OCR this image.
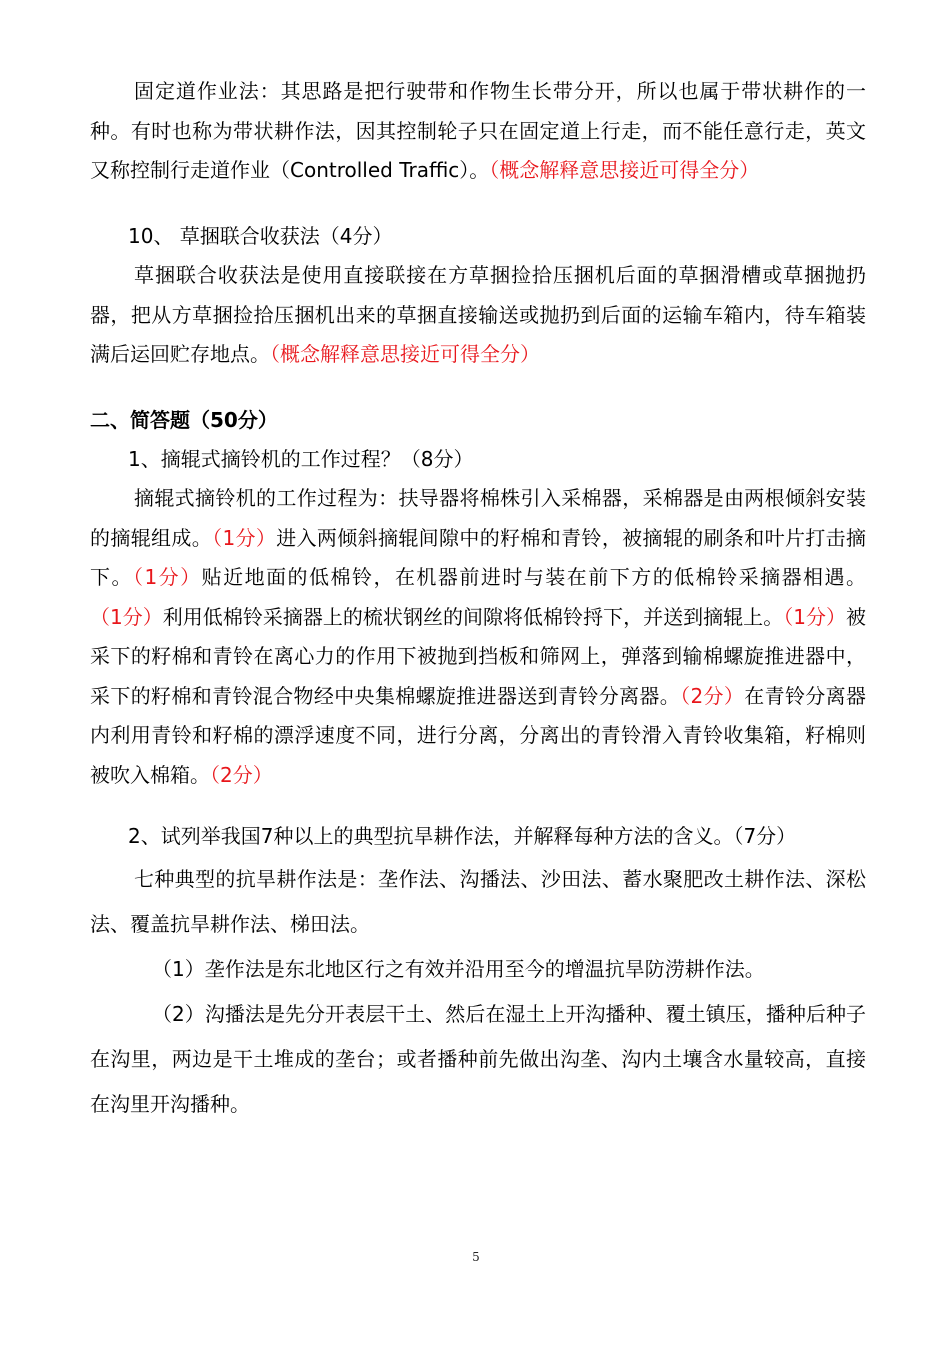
固定道作业法：其思路是把行驶带和作物生长带分开，所以也属于带状耕作的一种。有时也称为带状耕作法，因其控制轮子只在固定道上行走，而不能任意行走，英文又称控制行走道作业（Controlled Traffic）。（概念解释意思接近可得全分）

10、 草捆联合收获法（4分）

草捆联合收获法是使用直接联接在方草捆捡拾压捆机后面的草捆滑槽或草捆抛扔器，把从方草捆捡拾压捆机出来的草捆直接输送或抛扔到后面的运输车箱内，待车箱装满后运回贮存地点。（概念解释意思接近可得全分）

二、简答题（50分）

1、摘辊式摘铃机的工作过程？（8分）

摘辊式摘铃机的工作过程为：扶导器将棉株引入采棉器，采棉器是由两根倾斜安装的摘辊组成。（1分）进入两倾斜摘辊间隙中的籽棉和青铃，被摘辊的刷条和叶片打击摘下。（1分）贴近地面的低棉铃，在机器前进时与装在前下方的低棉铃采摘器相遇。（1分）利用低棉铃采摘器上的梳状钢丝的间隙将低棉铃捋下，并送到摘辊上。（1分）被采下的籽棉和青铃在离心力的作用下被抛到挡板和筛网上，弹落到输棉螺旋推进器中，采下的籽棉和青铃混合物经中央集棉螺旋推进器送到青铃分离器。（2分）在青铃分离器内利用青铃和籽棉的漂浮速度不同，进行分离，分离出的青铃滑入青铃收集箱，籽棉则被吹入棉箱。（2分）

2、试列举我国7种以上的典型抗旱耕作法，并解释每种方法的含义。（7分）

七种典型的抗旱耕作法是：垄作法、沟播法、沙田法、蓄水聚肥改土耕作法、深松法、覆盖抗旱耕作法、梯田法。

（1）垄作法是东北地区行之有效并沿用至今的增温抗旱防涝耕作法。

（2）沟播法是先分开表层干土、然后在湿土上开沟播种、覆土镇压，播种后种子在沟里，两边是干土堆成的垄台；或者播种前先做出沟垄、沟内土壤含水量较高，直接在沟里开沟播种。

5
